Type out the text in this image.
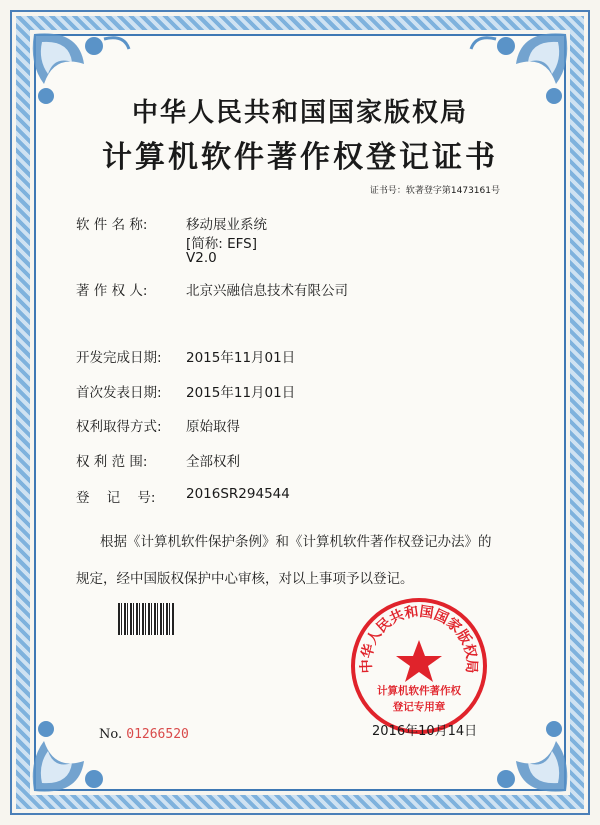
中华人民共和国国家版权局
计算机软件著作权登记证书
证书号：软著登字第1473161号
软 件 名 称:	移动展业系统
[简称: EFS]
V2.0
著 作 权 人:	北京兴融信息技术有限公司
开发完成日期:	2015年11月01日
首次发表日期:	2015年11月01日
权利取得方式:	原始取得
权 利 范 围:	全部权利
登    记    号:	2016SR294544
根据《计算机软件保护条例》和《计算机软件著作权登记办法》的
规定，经中国版权保护中心审核，对以上事项予以登记。
中华人民共和国国家版权局
计算机软件著作权
登记专用章
No. 01266520	2016年10月14日
